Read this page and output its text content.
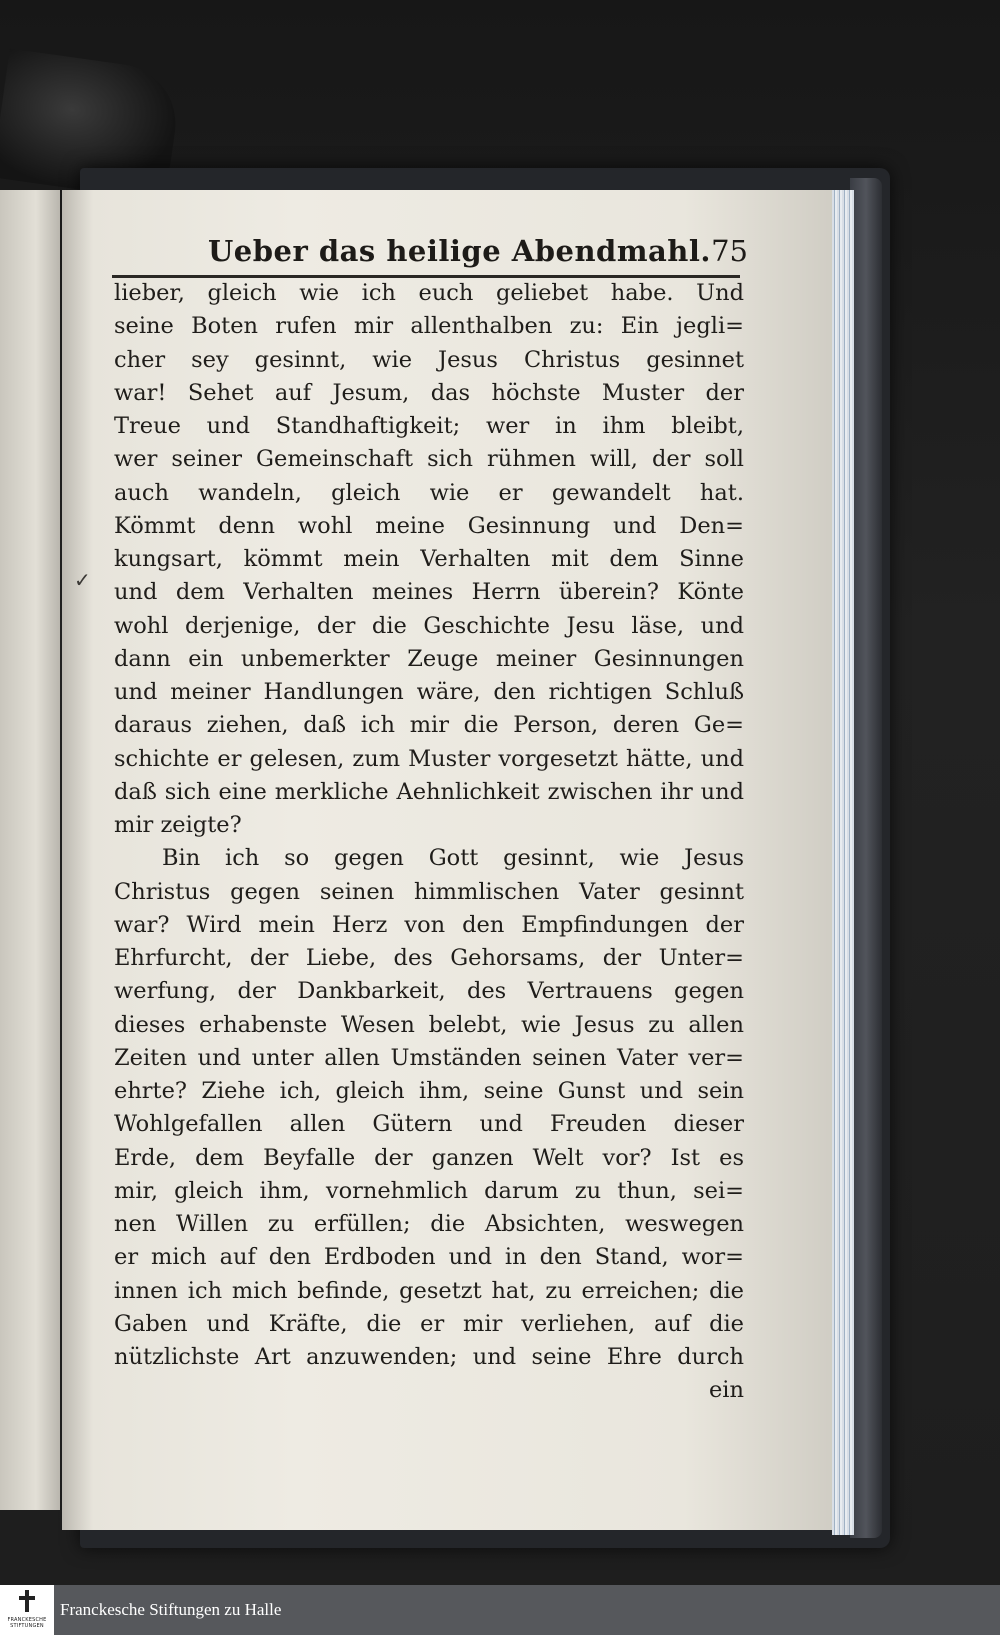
Ueber das heilige Abendmahl. 75
✓
lieber, gleich wie ich euch geliebet habe. Und
seine Boten rufen mir allenthalben zu: Ein jegli=
cher sey gesinnt, wie Jesus Christus gesinnet
war! Sehet auf Jesum, das höchste Muster der
Treue und Standhaftigkeit; wer in ihm bleibt,
wer seiner Gemeinschaft sich rühmen will, der soll
auch wandeln, gleich wie er gewandelt hat.
Kömmt denn wohl meine Gesinnung und Den=
kungsart, kömmt mein Verhalten mit dem Sinne
und dem Verhalten meines Herrn überein? Könte
wohl derjenige, der die Geschichte Jesu läse, und
dann ein unbemerkter Zeuge meiner Gesinnungen
und meiner Handlungen wäre, den richtigen Schluß
daraus ziehen, daß ich mir die Person, deren Ge=
schichte er gelesen, zum Muster vorgesetzt hätte, und
daß sich eine merkliche Aehnlichkeit zwischen ihr und
mir zeigte?
Bin ich so gegen Gott gesinnt, wie Jesus
Christus gegen seinen himmlischen Vater gesinnt
war? Wird mein Herz von den Empfindungen der
Ehrfurcht, der Liebe, des Gehorsams, der Unter=
werfung, der Dankbarkeit, des Vertrauens gegen
dieses erhabenste Wesen belebt, wie Jesus zu allen
Zeiten und unter allen Umständen seinen Vater ver=
ehrte? Ziehe ich, gleich ihm, seine Gunst und sein
Wohlgefallen allen Gütern und Freuden dieser
Erde, dem Beyfalle der ganzen Welt vor? Ist es
mir, gleich ihm, vornehmlich darum zu thun, sei=
nen Willen zu erfüllen; die Absichten, weswegen
er mich auf den Erdboden und in den Stand, wor=
innen ich mich befinde, gesetzt hat, zu erreichen; die
Gaben und Kräfte, die er mir verliehen, auf die
nützlichste Art anzuwenden; und seine Ehre durch
ein
FRANCKESCHE
STIFTUNGEN
Franckesche Stiftungen zu Halle
